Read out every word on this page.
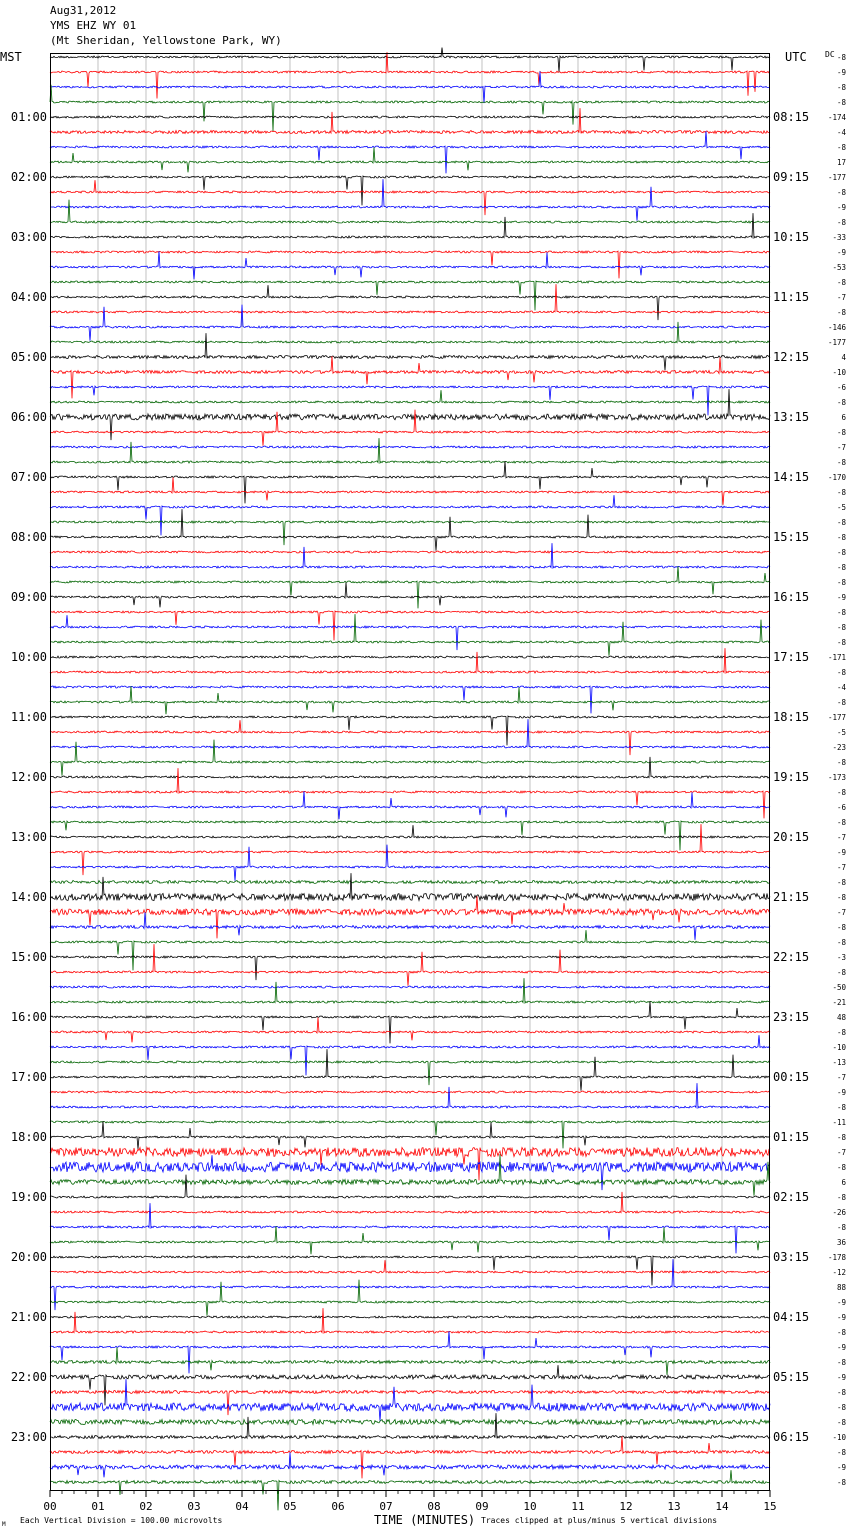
Aug31,2012
YMS EHZ WY 01
(Mt Sheridan, Yellowstone Park, WY)
00	01	02	03	04	05	06	07	08	09	10	11	12	13	14	15
-8
-9
-8
-8
-174
-4
-8
17
-177
-8
-9
-8
-33
-9
-53
-8
-7
-8
-146
-177
4
-10
-6
-8
6
-8
-7
-8
-170
-8
-5
-8
-8
-8
-8
-8
-9
-8
-8
-8
-171
-8
-4
-8
-177
-5
-23
-8
-173
-8
-6
-8
-7
-9
-7
-8
-8
-7
-8
-8
-3
-8
-50
-21
48
-8
-10
-13
-7
-9
-8
-11
-8
-7
-8
6
-8
-26
-8
36
-178
-12
88
-9
-9
-8
-9
-8
-9
-8
-8
-8
-10
-8
-9
-8
01:00	08:15
02:00	09:15
03:00	10:15
04:00	11:15
05:00	12:15
06:00	13:15
07:00	14:15
08:00	15:15
09:00	16:15
10:00	17:15
11:00	18:15
12:00	19:15
13:00	20:15
14:00	21:15
15:00	22:15
16:00	23:15
17:00	00:15
18:00	01:15
19:00	02:15
20:00	03:15
21:00	04:15
22:00	05:15
23:00	06:15
MST	UTC DC
TIME (MINUTES)
M Each Vertical Division = 100.00 microvolts	Traces clipped at plus/minus 5 vertical divisions
